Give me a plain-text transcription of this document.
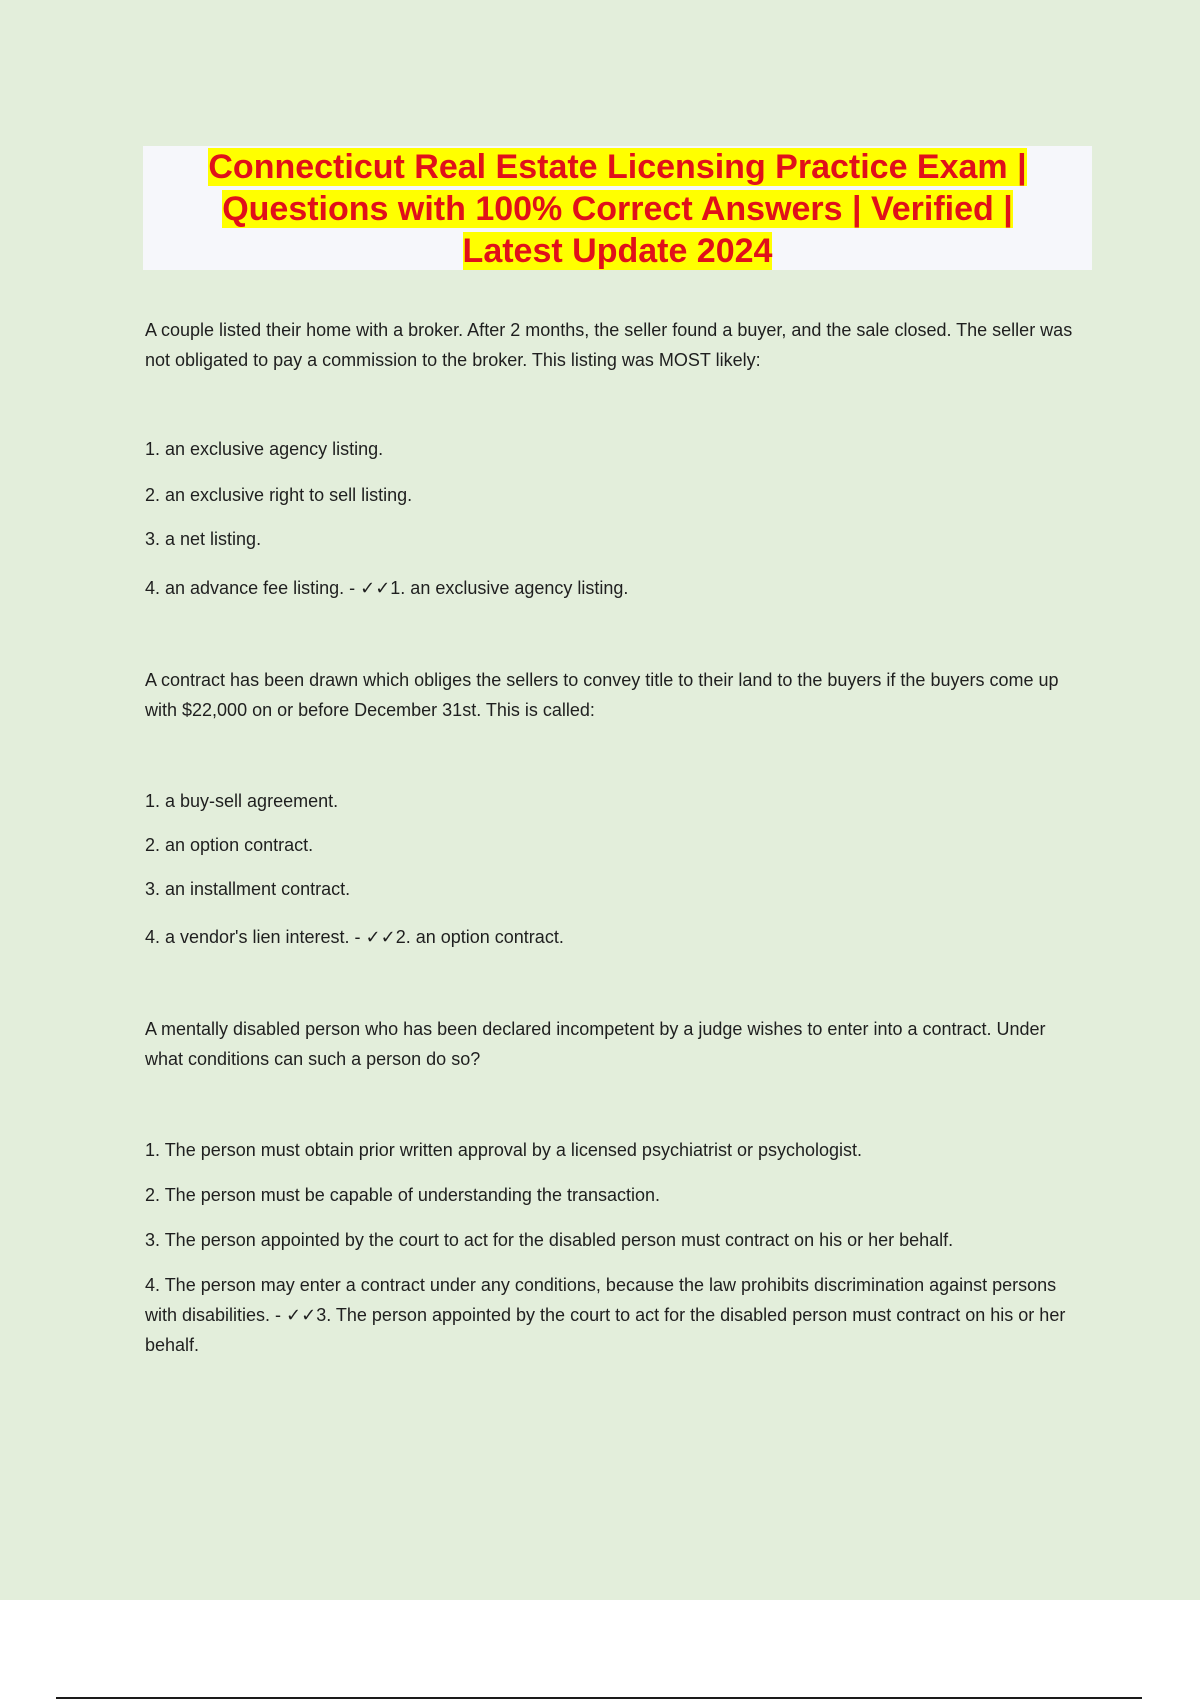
Connecticut Real Estate Licensing Practice Exam |
Questions with 100% Correct Answers | Verified |
Latest Update 2024

A couple listed their home with a broker. After 2 months, the seller found a buyer, and the sale closed. The seller was not obligated to pay a commission to the broker. This listing was MOST likely:

1. an exclusive agency listing.

2. an exclusive right to sell listing.

3. a net listing.

4. an advance fee listing. - ✓✓1. an exclusive agency listing.

A contract has been drawn which obliges the sellers to convey title to their land to the buyers if the buyers come up with $22,000 on or before December 31st. This is called:

1. a buy-sell agreement.

2. an option contract.

3. an installment contract.

4. a vendor's lien interest. - ✓✓2. an option contract.

A mentally disabled person who has been declared incompetent by a judge wishes to enter into a contract. Under what conditions can such a person do so?

1. The person must obtain prior written approval by a licensed psychiatrist or psychologist.

2. The person must be capable of understanding the transaction.

3. The person appointed by the court to act for the disabled person must contract on his or her behalf.

4. The person may enter a contract under any conditions, because the law prohibits discrimination against persons with disabilities. - ✓✓3. The person appointed by the court to act for the disabled person must contract on his or her behalf.
